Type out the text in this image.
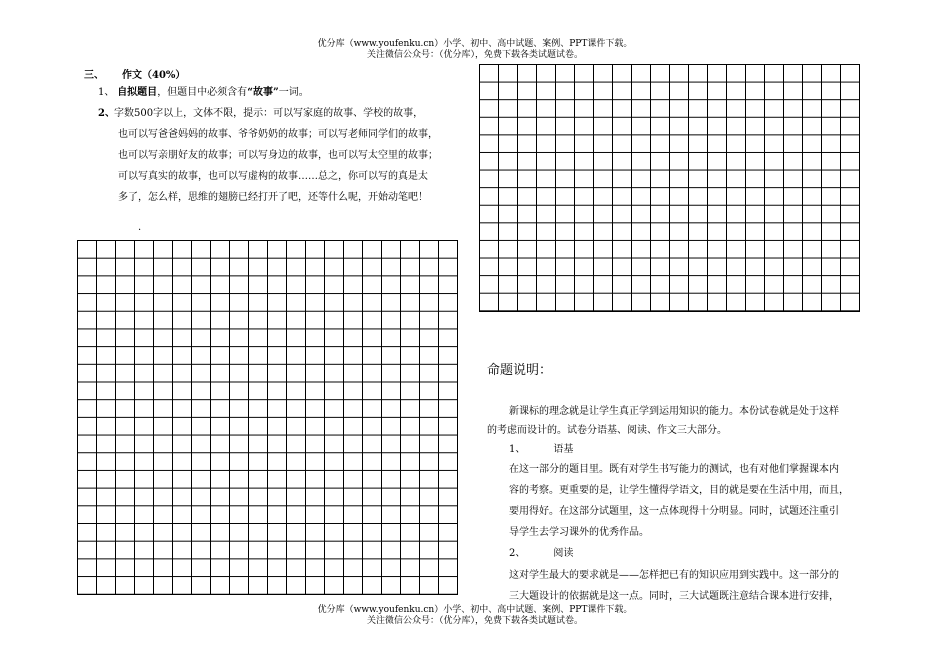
优分库（www.youfenku.cn）小学、初中、高中试题、案例、PPT课件下载。
关注微信公众号：（优分库），免费下载各类试题试卷。
三、 作文（40%）
1、 自拟题目，但题目中必须含有“故事”一词。
2、字数500字以上，文体不限，提示：可以写家庭的故事、学校的故事，
也可以写爸爸妈妈的故事、爷爷奶奶的故事；可以写老师同学们的故事，
也可以写亲朋好友的故事；可以写身边的故事，也可以写太空里的故事；
可以写真实的故事，也可以写虚构的故事……总之，你可以写的真是太
多了，怎么样，思维的翅膀已经打开了吧，还等什么呢，开始动笔吧！
.
命题说明：
新课标的理念就是让学生真正学到运用知识的能力。本份试卷就是处于这样
的考虑而设计的。试卷分语基、阅读、作文三大部分。
1、	语基
在这一部分的题目里。既有对学生书写能力的测试，也有对他们掌握课本内
容的考察。更重要的是，让学生懂得学语文，目的就是要在生活中用，而且，
要用得好。在这部分试题里，这一点体现得十分明显。同时，试题还注重引
导学生去学习课外的优秀作品。
2、	阅读
这对学生最大的要求就是——怎样把已有的知识应用到实践中。这一部分的
三大题设计的依据就是这一点。同时，三大试题既注意结合课本进行安排，
优分库（www.youfenku.cn）小学、初中、高中试题、案例、PPT课件下载。
关注微信公众号：（优分库），免费下载各类试题试卷。
